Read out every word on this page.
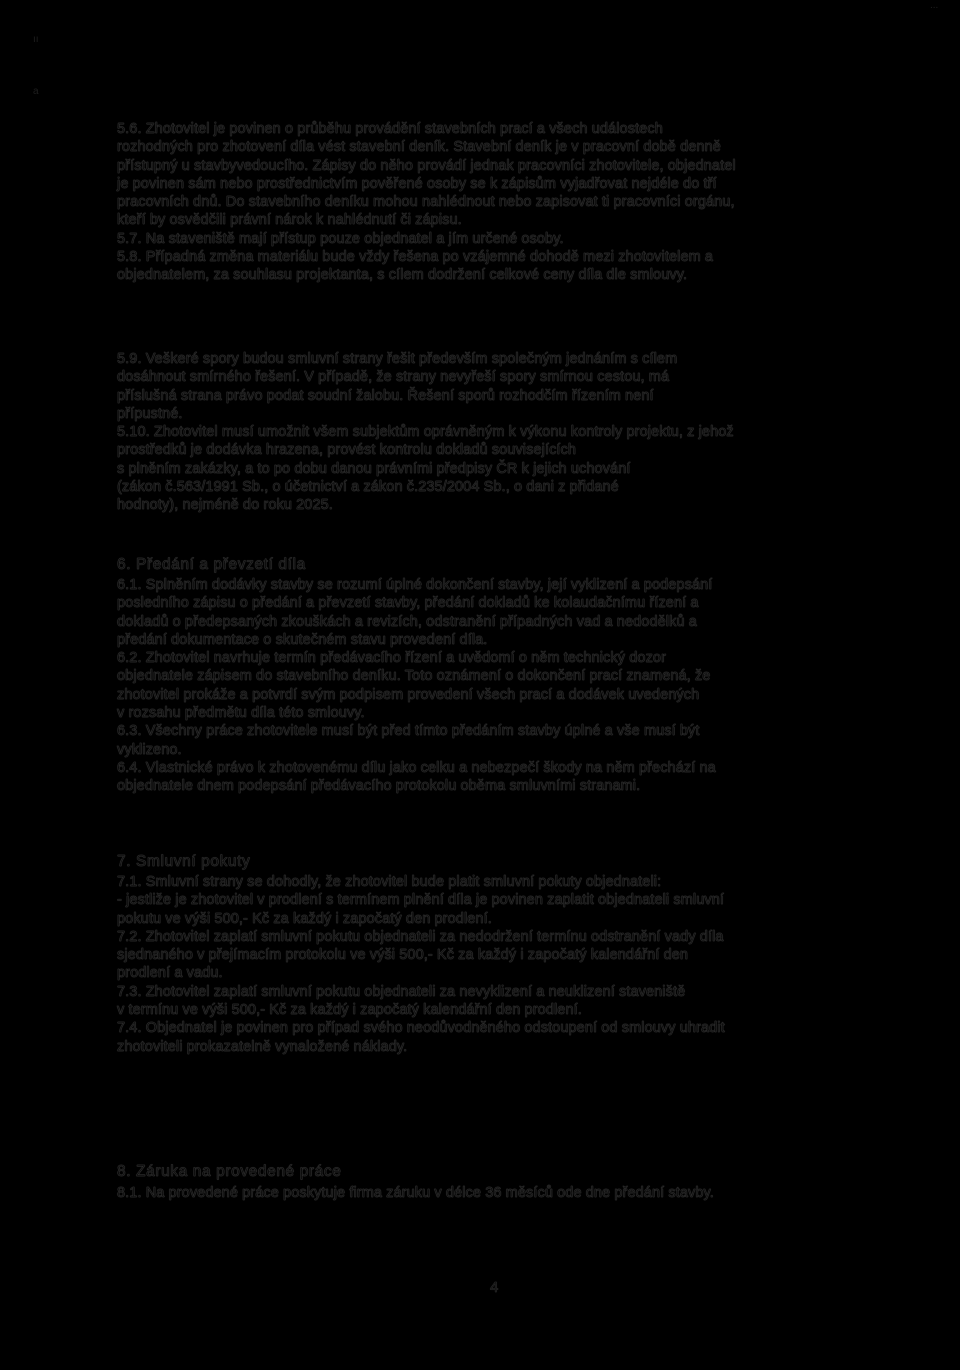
ıı
a
...
5.6. Zhotovitel je povinen o průběhu provádění stavebních prací a všech událostech
rozhodných pro zhotovení díla vést stavební deník. Stavební deník je v pracovní době denně
přístupný u stavbyvedoucího. Zápisy do něho provádí jednak pracovníci zhotovitele, objednatel
je povinen sám nebo prostřednictvím pověřené osoby se k zápisům vyjadřovat nejdéle do tří
pracovních dnů. Do stavebního deníku mohou nahlédnout nebo zapisovat ti pracovníci orgánu,
kteří by osvědčili právní nárok k nahlédnutí či zápisu.
5.7. Na staveniště mají přístup pouze objednatel a jím určené osoby.
5.8. Případná změna materiálu bude vždy řešena po vzájemné dohodě mezi zhotovitelem a
objednatelem, za souhlasu projektanta, s cílem dodržení celkové ceny díla dle smlouvy.
5.9. Veškeré spory budou smluvní strany řešit především společným jednáním s cílem
dosáhnout smírného řešení. V případě, že strany nevyřeší spory smírnou cestou, má
příslušná strana právo podat soudní žalobu. Řešení sporů rozhodčím řízením není
přípustné.
5.10. Zhotovitel musí umožnit všem subjektům oprávněným k výkonu kontroly projektu, z jehož
prostředků je dodávka hrazena, provést kontrolu dokladů souvisejících
s plněním zakázky, a to po dobu danou právními předpisy ČR k jejich uchování
(zákon č.563/1991 Sb., o účetnictví a zákon č.235/2004 Sb., o dani z přidané
hodnoty), nejméně do roku 2025.
6. Předání a převzetí díla
6.1. Splněním dodávky stavby se rozumí úplné dokončení stavby, její vyklizení a podepsání
posledního zápisu o předání a převzetí stavby, předání dokladů ke kolaudačnímu řízení a
dokladů o předepsaných zkouškách a revizích, odstranění případných vad a nedodělků a
předání dokumentace o skutečném stavu provedení díla.
6.2. Zhotovitel navrhuje termín předávacího řízení a uvědomí o něm technický dozor
objednatele zápisem do stavebního deníku. Toto oznámení o dokončení prací znamená, že
zhotovitel prokáže a potvrdí svým podpisem provedení všech prací a dodávek uvedených
v rozsahu předmětu díla této smlouvy.
6.3. Všechny práce zhotovitele musí být před tímto předáním stavby úplné a vše musí být
vyklizeno.
6.4. Vlastnické právo k zhotovenému dílu jako celku a nebezpečí škody na něm přechází na
objednatele dnem podepsání předávacího protokolu oběma smluvními stranami.
7. Smluvní pokuty
7.1. Smluvní strany se dohodly, že zhotovitel bude platit smluvní pokuty objednateli:
- jestliže je zhotovitel v prodlení s termínem plnění díla je povinen zaplatit objednateli smluvní
pokutu ve výši 500,- Kč za každý i započatý den prodlení.
7.2. Zhotovitel zaplatí smluvní pokutu objednateli za nedodržení termínu odstranění vady díla
sjednaného v přejímacím protokolu ve výši 500,- Kč za každý i započatý kalendářní den
prodlení a vadu.
7.3. Zhotovitel zaplatí smluvní pokutu objednateli za nevyklizení a neuklizení staveniště
v termínu ve výši 500,- Kč za každý i započatý kalendářní den prodlení.
7.4. Objednatel je povinen pro případ svého neodůvodněného odstoupení od smlouvy uhradit
zhotoviteli prokazatelně vynaložené náklady.
8. Záruka na provedené práce
8.1. Na provedené práce poskytuje firma záruku v délce 36 měsíců ode dne předání stavby.
4
